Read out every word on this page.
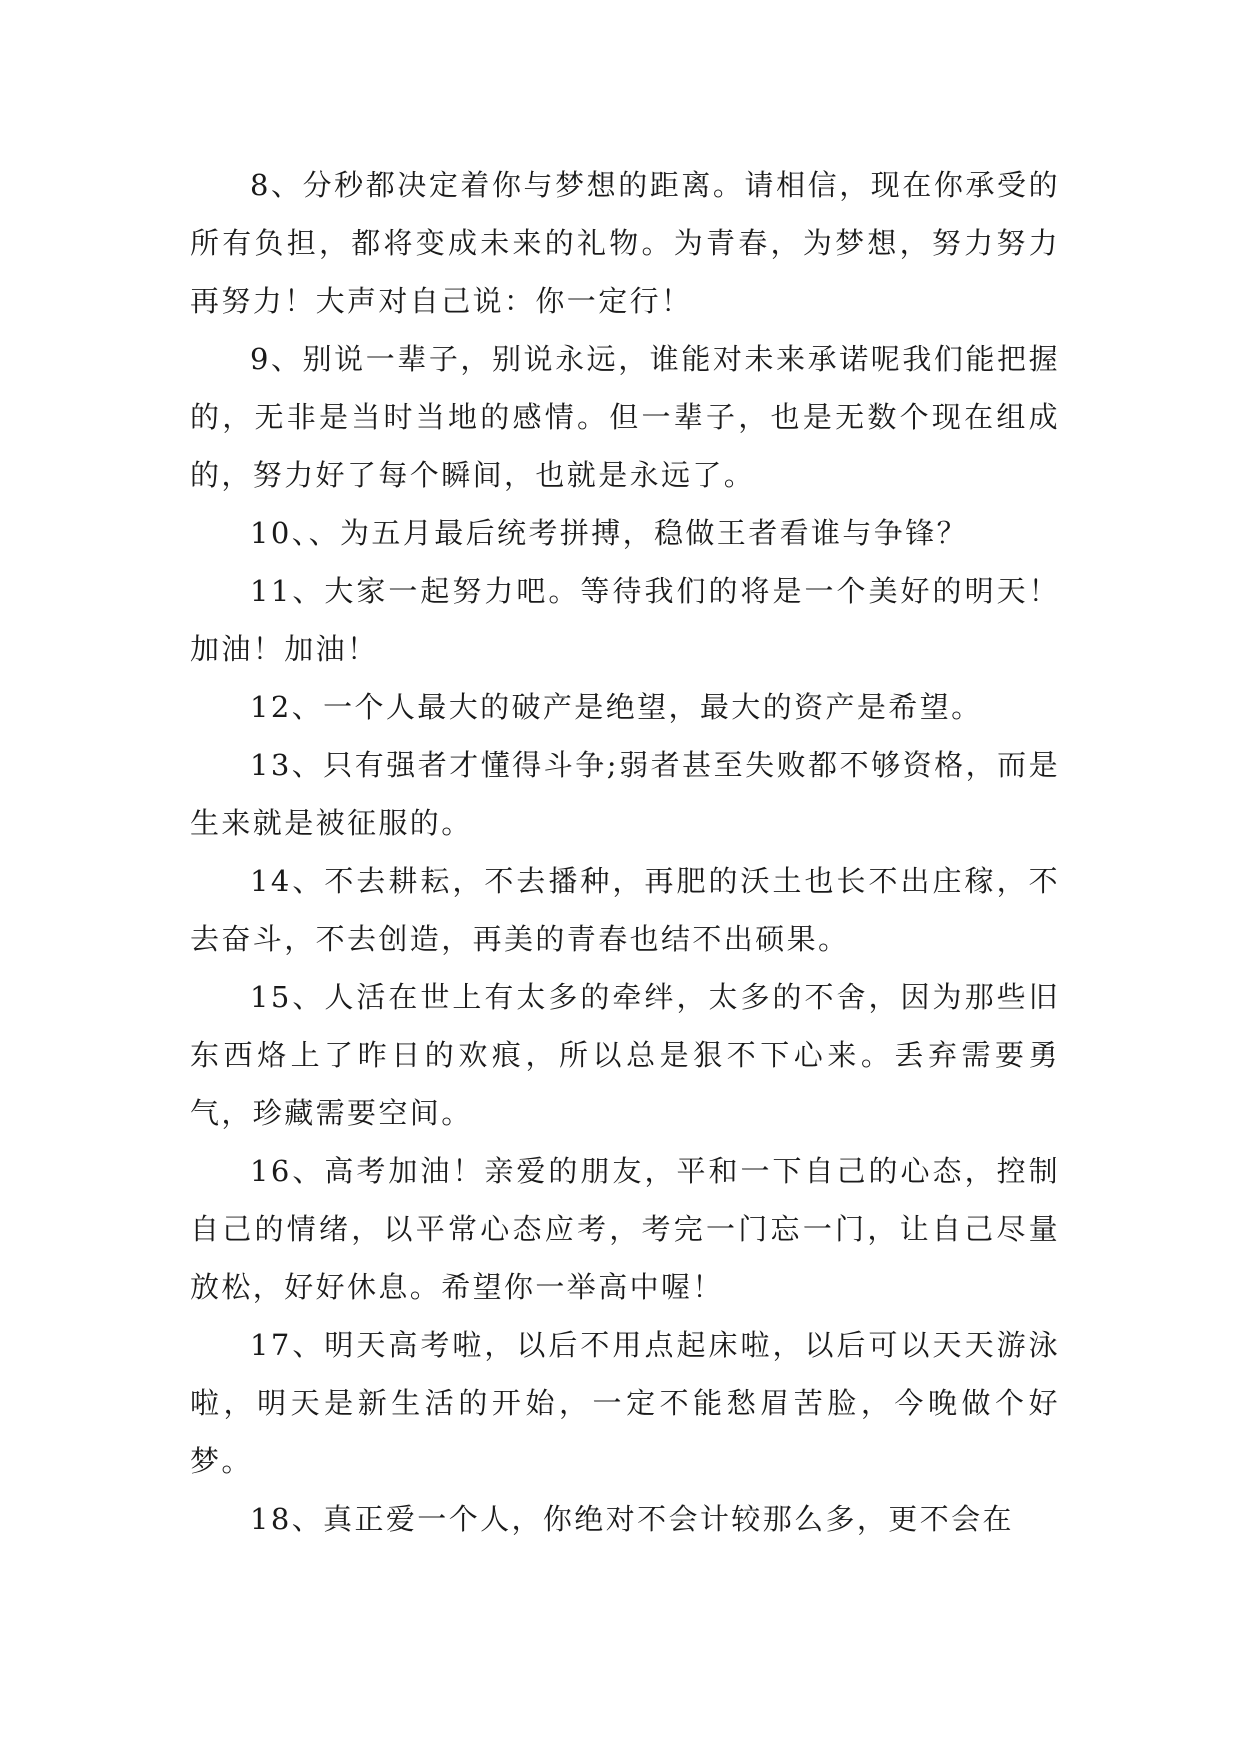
8、分秒都决定着你与梦想的距离。请相信，现在你承受的所有负担，都将变成未来的礼物。为青春，为梦想，努力努力再努力！大声对自己说：你一定行！

9、别说一辈子，别说永远，谁能对未来承诺呢我们能把握的，无非是当时当地的感情。但一辈子，也是无数个现在组成的，努力好了每个瞬间，也就是永远了。

10、、为五月最后统考拼搏，稳做王者看谁与争锋？

11、大家一起努力吧。等待我们的将是一个美好的明天！加油！加油！

12、一个人最大的破产是绝望，最大的资产是希望。

13、只有强者才懂得斗争;弱者甚至失败都不够资格，而是生来就是被征服的。

14、不去耕耘，不去播种，再肥的沃土也长不出庄稼，不去奋斗，不去创造，再美的青春也结不出硕果。

15、人活在世上有太多的牵绊，太多的不舍，因为那些旧东西烙上了昨日的欢痕，所以总是狠不下心来。丢弃需要勇气，珍藏需要空间。

16、高考加油！亲爱的朋友，平和一下自己的心态，控制自己的情绪，以平常心态应考，考完一门忘一门，让自己尽量放松，好好休息。希望你一举高中喔！

17、明天高考啦，以后不用点起床啦，以后可以天天游泳啦，明天是新生活的开始，一定不能愁眉苦脸，今晚做个好梦。

18、真正爱一个人，你绝对不会计较那么多，更不会在
